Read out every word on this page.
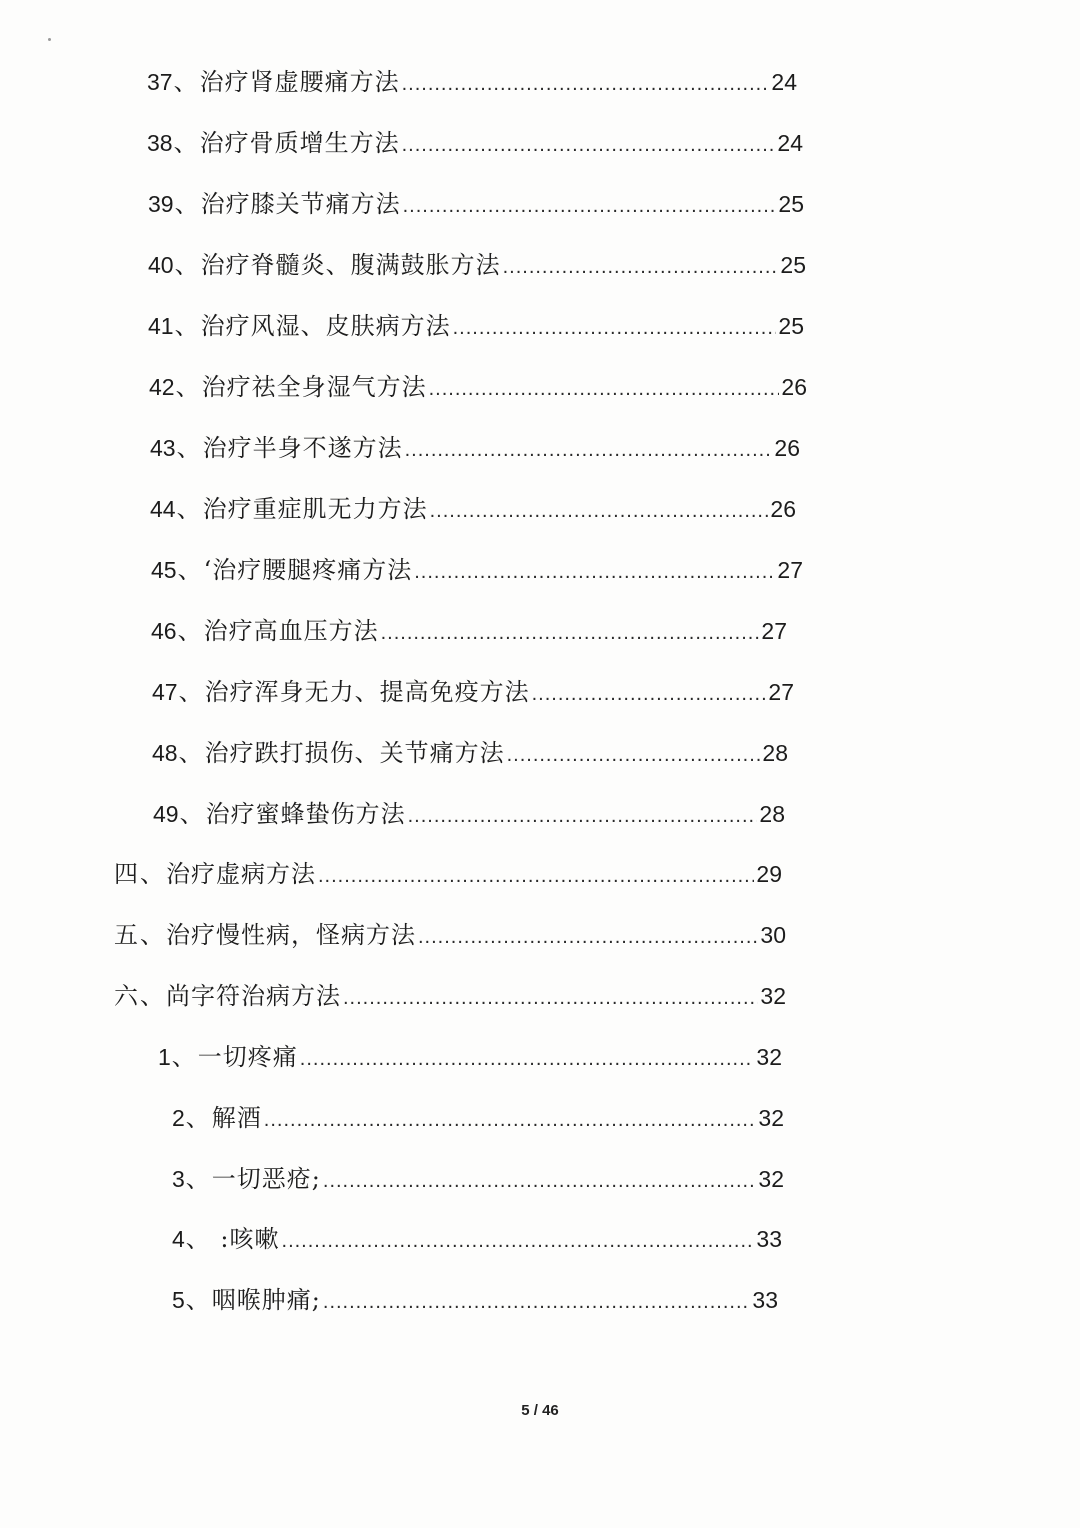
37 、 治疗肾虚腰痛方法 .....	24
38 、 治疗骨质增生方法 .....	24
39 、 治疗膝关节痛方法 .....	25
40 、 治疗脊髓炎、腹满鼓胀方法 .....	25
41 、 治疗风湿、皮肤病方法 .....	25
42 、 治疗祛全身湿气方法 .....	26
43 、 治疗半身不遂方法 .....	26
44 、 治疗重症肌无力方法 .....	26
45 、 ‘治疗腰腿疼痛方法 .....	27
46 、 治疗高血压方法 .....	27
47 、 治疗浑身无力、提高免疫方法 .....	27
48 、 治疗跌打损伤、关节痛方法 .....	28
49 、 治疗蜜蜂蛰伤方法 .....	28
四 、 治疗虚病方法 .....	29
五 、 治疗慢性病，怪病方法 .....	30
六 、 尚字符治病方法 .....	32
1 、 一切疼痛 .....	32
2 、 解酒 .....	32
3 、 一切恶疮; .....	32
4 、 :咳嗽 .....	33
5 、 咽喉肿痛; .....	33
5 / 46
